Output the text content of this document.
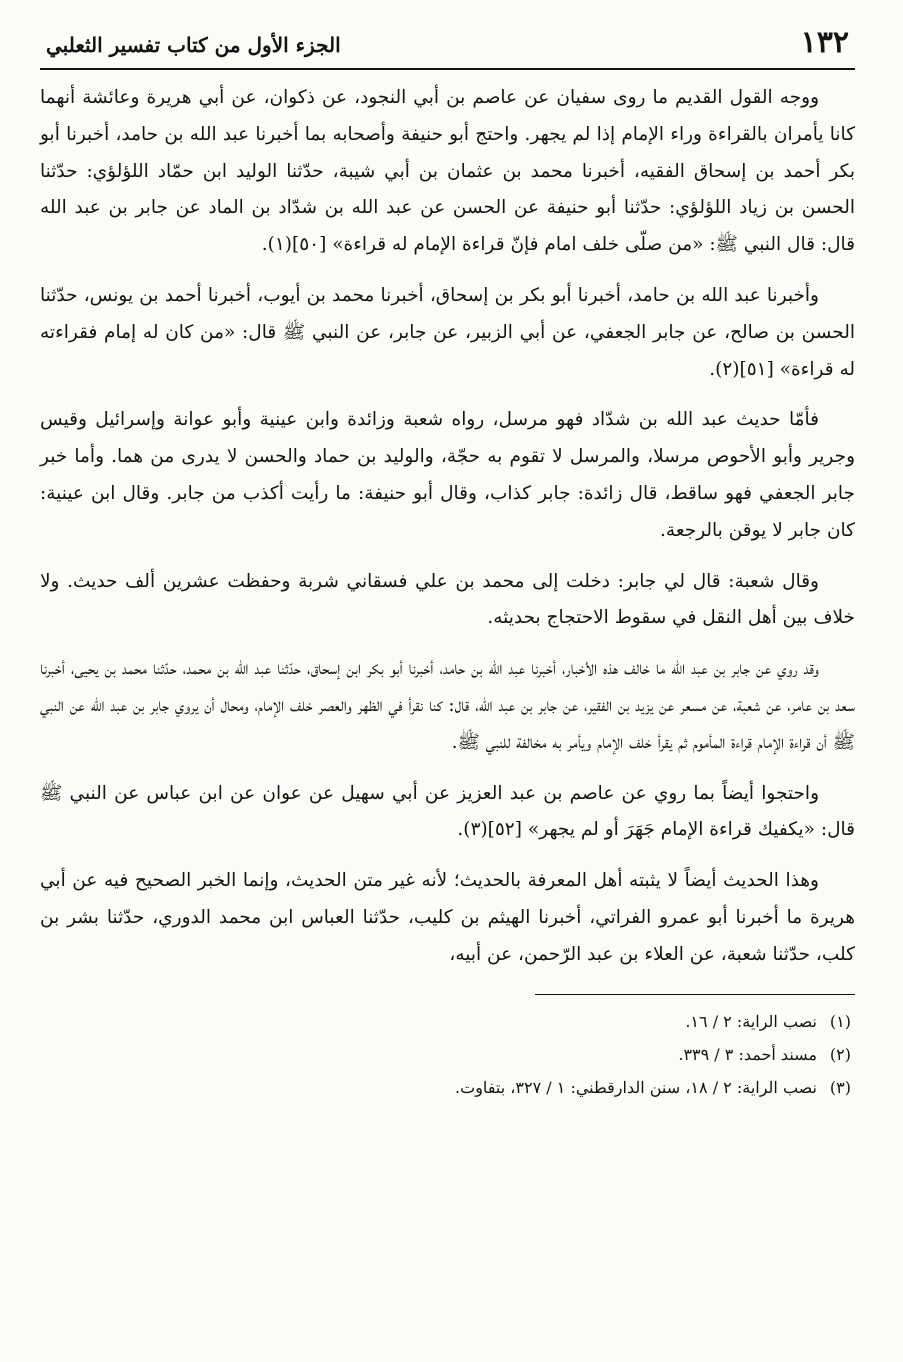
١٣٢
الجزء الأول من كتاب تفسير الثعلبي

ووجه القول القديم ما روى سفيان عن عاصم بن أبي النجود، عن ذكوان، عن أبي هريرة وعائشة أنهما كانا يأمران بالقراءة وراء الإمام إذا لم يجهر. واحتج أبو حنيفة وأصحابه بما أخبرنا عبد الله بن حامد، أخبرنا أبو بكر أحمد بن إسحاق الفقيه، أخبرنا محمد بن عثمان بن أبي شيبة، حدّثنا الوليد ابن حمّاد اللؤلؤي: حدّثنا الحسن بن زياد اللؤلؤي: حدّثنا أبو حنيفة عن الحسن عن عبد الله بن شدّاد بن الماد عن جابر بن عبد الله قال: قال النبي ﷺ: «من صلّى خلف امام فإنّ قراءة الإمام له قراءة» [٥٠](١).

وأخبرنا عبد الله بن حامد، أخبرنا أبو بكر بن إسحاق، أخبرنا محمد بن أيوب، أخبرنا أحمد بن يونس، حدّثنا الحسن بن صالح، عن جابر الجعفي، عن أبي الزبير، عن جابر، عن النبي ﷺ قال: «من كان له إمام فقراءته له قراءة» [٥١](٢).

فأمّا حديث عبد الله بن شدّاد فهو مرسل، رواه شعبة وزائدة وابن عينية وأبو عوانة وإسرائيل وقيس وجرير وأبو الأحوص مرسلا، والمرسل لا تقوم به حجّة، والوليد بن حماد والحسن لا يدرى من هما. وأما خبر جابر الجعفي فهو ساقط، قال زائدة: جابر كذاب، وقال أبو حنيفة: ما رأيت أكذب من جابر. وقال ابن عينية: كان جابر لا يوقن بالرجعة.

وقال شعبة: قال لي جابر: دخلت إلى محمد بن علي فسقاني شربة وحفظت عشرين ألف حديث. ولا خلاف بين أهل النقل في سقوط الاحتجاج بحديثه.

وقد روي عن جابر بن عبد الله ما خالف هذه الأخبار، أخبرنا عبد الله بن حامد، أخبرنا أبو بكر ابن إسحاق، حدّثنا عبد الله بن محمد، حدّثنا محمد بن يحيى، أخبرنا سعد بن عامر، عن شعبة، عن مسعر عن يزيد بن الفقير، عن جابر بن عبد الله، قال: كنا نقرأ في الظهر والعصر خلف الإمام، ومحال أن يروي جابر بن عبد الله عن النبي ﷺ أن قراءة الإمام قراءة المأموم ثم يقرأ خلف الإمام ويأمر به مخالفة للنبي ﷺ.

واحتجوا أيضاً بما روي عن عاصم بن عبد العزيز عن أبي سهيل عن عوان عن ابن عباس عن النبي ﷺ قال: «يكفيك قراءة الإمام جَهَرَ أو لم يجهر» [٥٢](٣).

وهذا الحديث أيضاً لا يثبته أهل المعرفة بالحديث؛ لأنه غير متن الحديث، وإنما الخبر الصحيح فيه عن أبي هريرة ما أخبرنا أبو عمرو الفراتي، أخبرنا الهيثم بن كليب، حدّثنا العباس ابن محمد الدوري، حدّثنا بشر بن كلب، حدّثنا شعبة، عن العلاء بن عبد الرّحمن، عن أبيه،

(١)
نصب الراية: ٢ / ١٦.
(٢)
مسند أحمد: ٣ / ٣٣٩.
(٣)
نصب الراية: ٢ / ١٨، سنن الدارقطني: ١ / ٣٢٧، بتفاوت.
